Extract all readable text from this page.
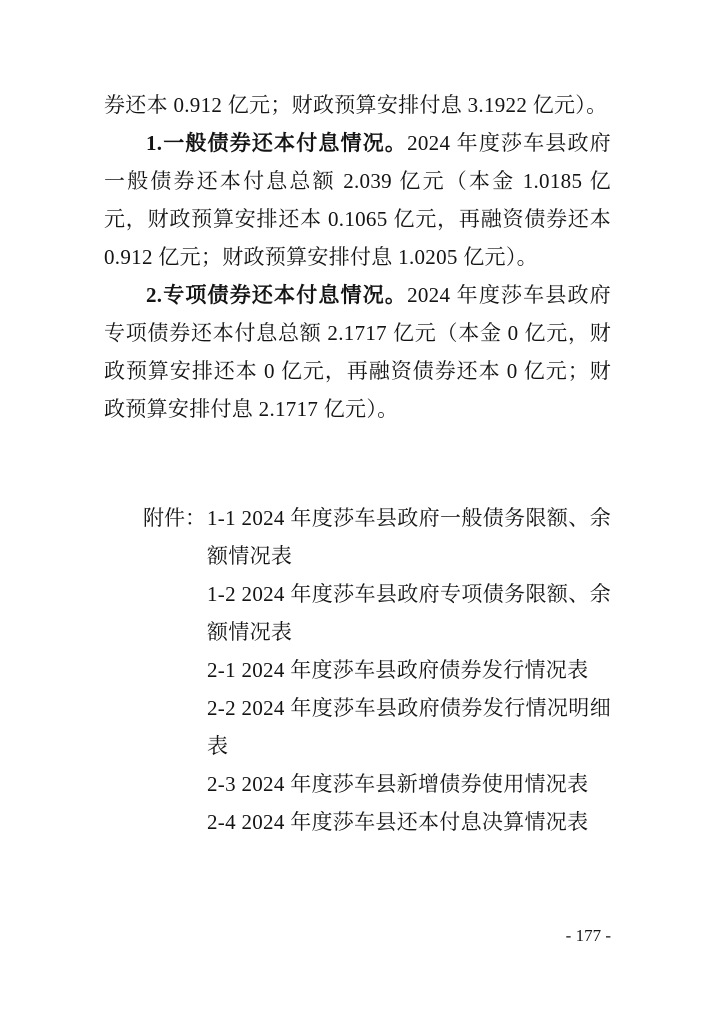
券还本 0.912 亿元；财政预算安排付息 3.1922 亿元）。

1.一般债券还本付息情况。2024 年度莎车县政府一般债券还本付息总额 2.039 亿元（本金 1.0185 亿元，财政预算安排还本 0.1065 亿元，再融资债券还本 0.912 亿元；财政预算安排付息 1.0205 亿元）。

2.专项债券还本付息情况。2024 年度莎车县政府专项债券还本付息总额 2.1717 亿元（本金 0 亿元，财政预算安排还本 0 亿元，再融资债券还本 0 亿元；财政预算安排付息 2.1717 亿元）。

附件： 1-1 2024 年度莎车县政府一般债务限额、余额情况表
1-2 2024 年度莎车县政府专项债务限额、余额情况表
2-1 2024 年度莎车县政府债券发行情况表
2-2 2024 年度莎车县政府债券发行情况明细表
2-3 2024 年度莎车县新增债券使用情况表
2-4 2024 年度莎车县还本付息决算情况表
- 177 -
